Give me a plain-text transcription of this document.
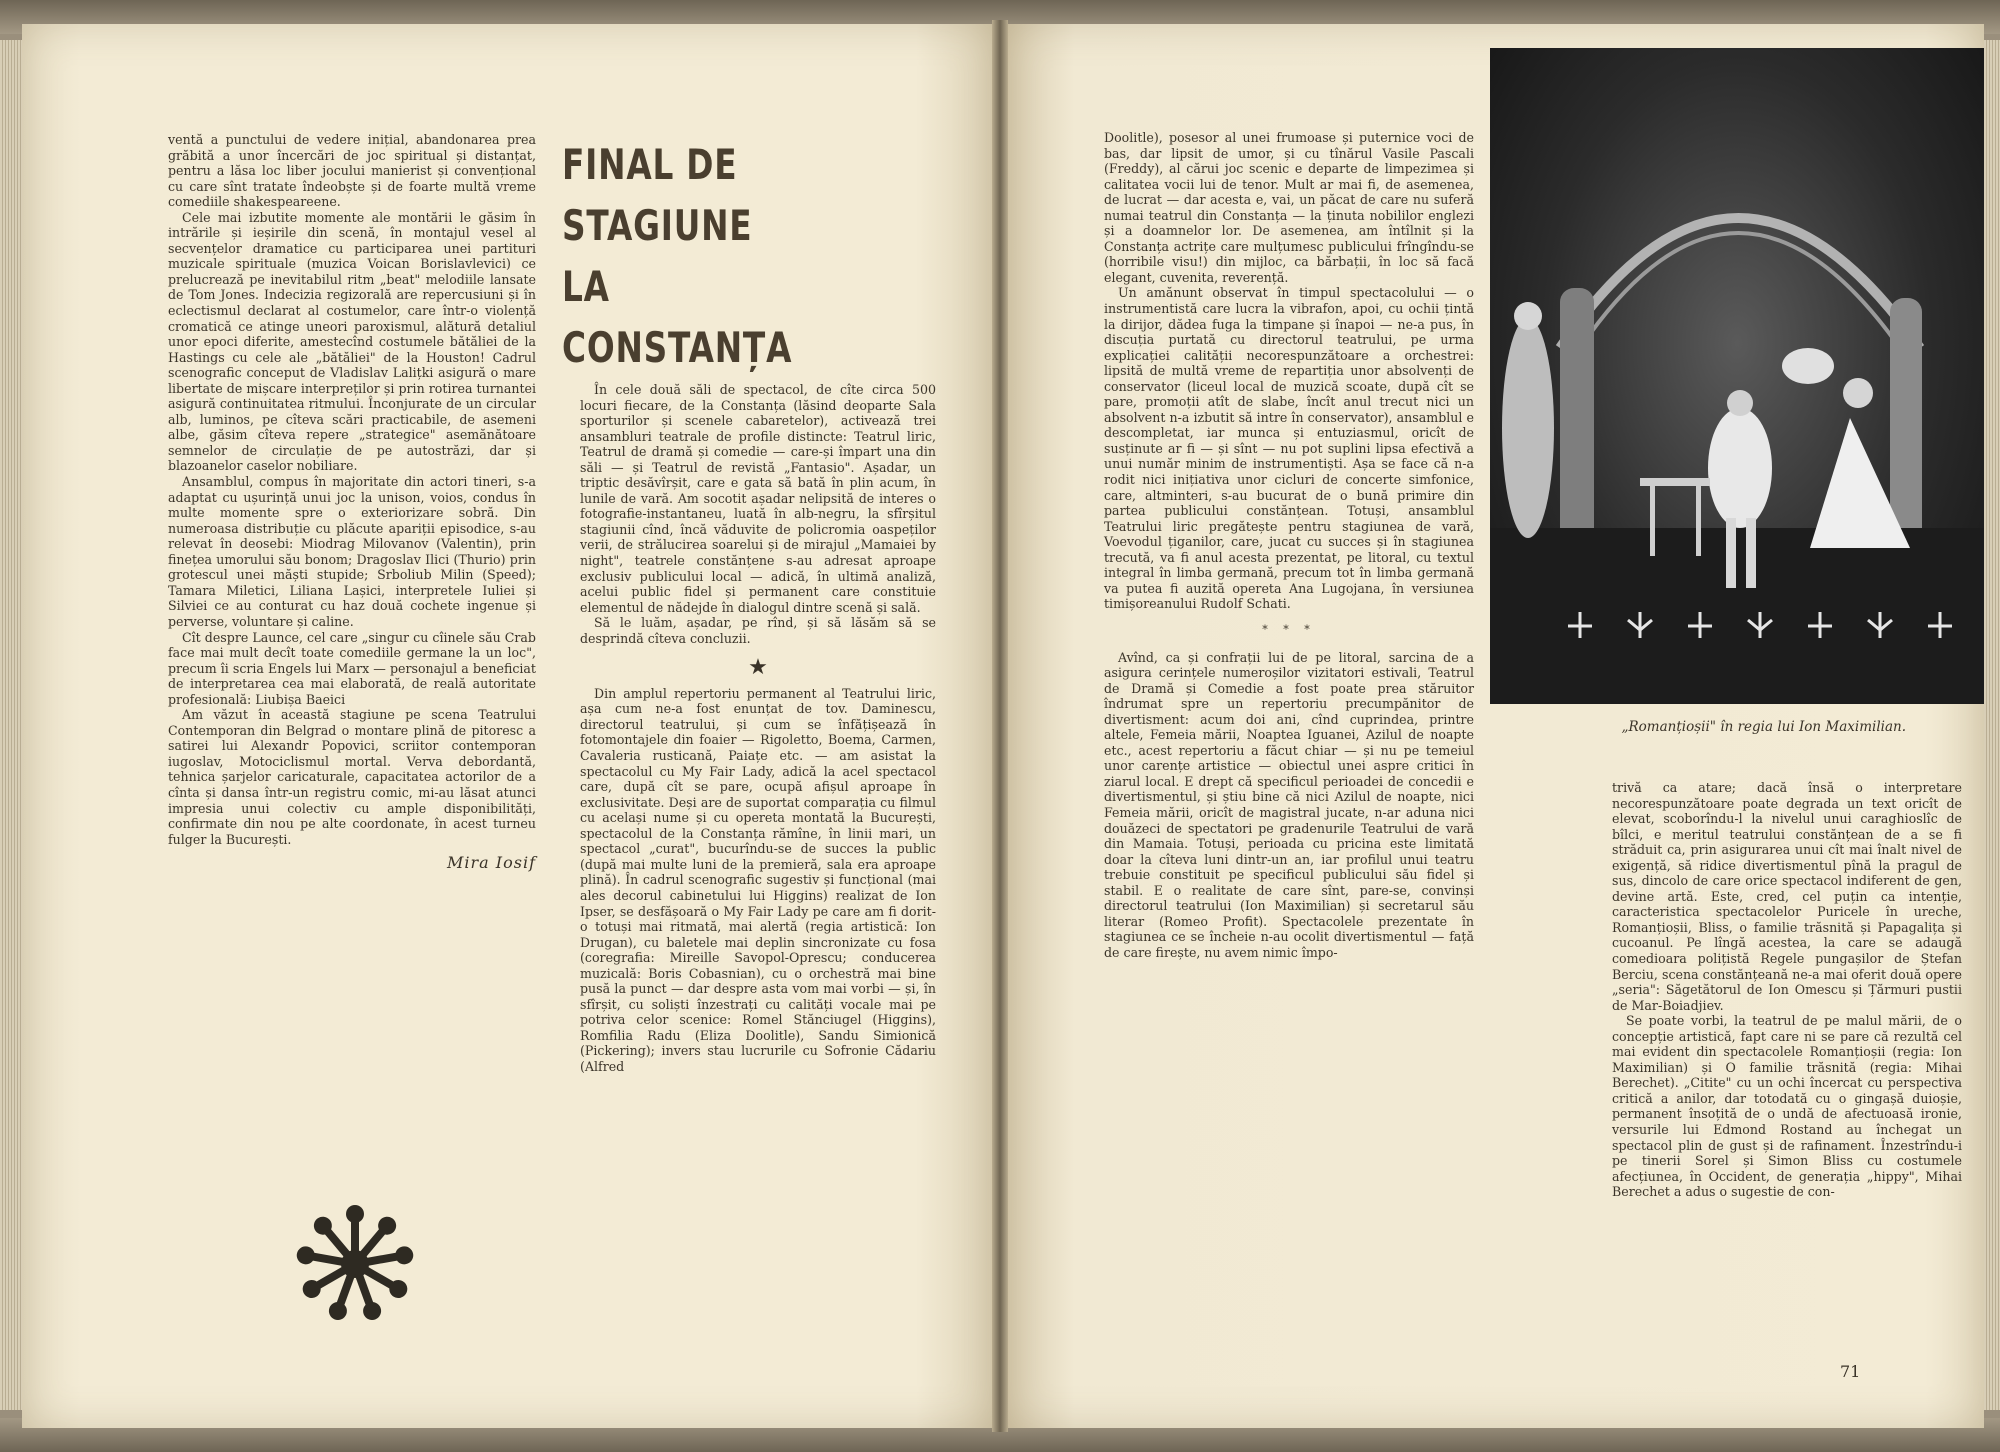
ventă a punctului de vedere inițial, abandonarea prea grăbită a unor încercări de joc spiritual și distanțat, pentru a lăsa loc liber jocului manierist și convențional cu care sînt tratate îndeobște și de foarte multă vreme comediile shakespeareene.

Cele mai izbutite momente ale montării le găsim în intrările și ieșirile din scenă, în montajul vesel al secvențelor dramatice cu participarea unei partituri muzicale spirituale (muzica Voican Borislavlevici) ce prelucrează pe inevitabilul ritm „beat" melodiile lansate de Tom Jones. Indecizia regizorală are repercusiuni și în eclectismul declarat al costumelor, care într-o violență cromatică ce atinge uneori paroxismul, alătură detaliul unor epoci diferite, amestecînd costumele bătăliei de la Hastings cu cele ale „bătăliei" de la Houston! Cadrul scenografic conceput de Vladislav Lalițki asigură o mare libertate de mișcare interpreților și prin rotirea turnantei asigură continuitatea ritmului. Înconjurate de un circular alb, luminos, pe cîteva scări practicabile, de asemeni albe, găsim cîteva repere „strategice" asemănătoare semnelor de circulație de pe autostrăzi, dar și blazoanelor caselor nobiliare.

Ansamblul, compus în majoritate din actori tineri, s-a adaptat cu ușurință unui joc la unison, voios, condus în multe momente spre o exteriorizare sobră. Din numeroasa distribuție cu plăcute apariții episodice, s-au relevat în deosebi: Miodrag Milovanov (Valentin), prin finețea umorului său bonom; Dragoslav Ilici (Thurio) prin grotescul unei măști stupide; Srboliub Milin (Speed); Tamara Miletici, Liliana Lașici, interpretele Iuliei și Silviei ce au conturat cu haz două cochete ingenue și perverse, voluntare și caline.

Cît despre Launce, cel care „singur cu cîinele său Crab face mai mult decît toate comediile germane la un loc", precum îi scria Engels lui Marx — personajul a beneficiat de interpretarea cea mai elaborată, de reală autoritate profesională: Liubișa Baeici

Am văzut în această stagiune pe scena Teatrului Contemporan din Belgrad o montare plină de pitoresc a satirei lui Alexandr Popovici, scriitor contemporan iugoslav, Motociclismul mortal. Verva debordantă, tehnica șarjelor caricaturale, capacitatea actorilor de a cînta și dansa într-un registru comic, mi-au lăsat atunci impresia unui colectiv cu ample disponibilități, confirmate din nou pe alte coordonate, în acest turneu fulger la București.

Mira Iosif
FINAL DE STAGIUNE LA CONSTANȚA

În cele două săli de spectacol, de cîte circa 500 locuri fiecare, de la Constanța (lăsind deoparte Sala sporturilor și scenele cabaretelor), activează trei ansambluri teatrale de profile distincte: Teatrul liric, Teatrul de dramă și comedie — care-și împart una din săli — și Teatrul de revistă „Fantasio". Așadar, un triptic desăvîrșit, care e gata să bată în plin acum, în lunile de vară. Am socotit așadar nelipsită de interes o fotografie-instantaneu, luată în alb-negru, la sfîrșitul stagiunii cînd, încă văduvite de policromia oaspeților verii, de strălucirea soarelui și de mirajul „Mamaiei by night", teatrele constănțene s-au adresat aproape exclusiv publicului local — adică, în ultimă analiză, acelui public fidel și permanent care constituie elementul de nădejde în dialogul dintre scenă și sală.

Să le luăm, așadar, pe rînd, și să lăsăm să se desprindă cîteva concluzii.

★

Din amplul repertoriu permanent al Teatrului liric, așa cum ne-a fost enunțat de tov. Daminescu, directorul teatrului, și cum se înfățișează în fotomontajele din foaier — Rigoletto, Boema, Carmen, Cavaleria rusticană, Paiațe etc. — am asistat la spectacolul cu My Fair Lady, adică la acel spectacol care, după cît se pare, ocupă afișul aproape în exclusivitate. Deși are de suportat comparația cu filmul cu același nume și cu opereta montată la București, spectacolul de la Constanța rămîne, în linii mari, un spectacol „curat", bucurîndu-se de succes la public (după mai multe luni de la premieră, sala era aproape plină). În cadrul scenografic sugestiv și funcțional (mai ales decorul cabinetului lui Higgins) realizat de Ion Ipser, se desfășoară o My Fair Lady pe care am fi dorit-o totuși mai ritmată, mai alertă (regia artistică: Ion Drugan), cu baletele mai deplin sincronizate cu fosa (coregrafia: Mireille Savopol-Oprescu; conducerea muzicală: Boris Cobasnian), cu o orchestră mai bine pusă la punct — dar despre asta vom mai vorbi — și, în sfîrșit, cu soliști înzestrați cu calități vocale mai pe potriva celor scenice: Romel Stănciugel (Higgins), Romfilia Radu (Eliza Doolitle), Sandu Simionică (Pickering); invers stau lucrurile cu Sofronie Cădariu (Alfred

Doolitle), posesor al unei frumoase și puternice voci de bas, dar lipsit de umor, și cu tînărul Vasile Pascali (Freddy), al cărui joc scenic e departe de limpezimea și calitatea vocii lui de tenor. Mult ar mai fi, de asemenea, de lucrat — dar acesta e, vai, un păcat de care nu suferă numai teatrul din Constanța — la ținuta nobililor englezi și a doamnelor lor. De asemenea, am întîlnit și la Constanța actrițe care mulțumesc publicului frîngîndu-se (horribile visu!) din mijloc, ca bărbații, în loc să facă elegant, cuvenita, reverență.

Un amănunt observat în timpul spectacolului — o instrumentistă care lucra la vibrafon, apoi, cu ochii țintă la dirijor, dădea fuga la timpane și înapoi — ne-a pus, în discuția purtată cu directorul teatrului, pe urma explicației calității necorespunzătoare a orchestrei: lipsită de multă vreme de repartiția unor absolvenți de conservator (liceul local de muzică scoate, după cît se pare, promoții atît de slabe, încît anul trecut nici un absolvent n-a izbutit să intre în conservator), ansamblul e descompletat, iar munca și entuziasmul, oricît de susținute ar fi — și sînt — nu pot suplini lipsa efectivă a unui număr minim de instrumentiști. Așa se face că n-a rodit nici inițiativa unor cicluri de concerte simfonice, care, altminteri, s-au bucurat de o bună primire din partea publicului constănțean. Totuși, ansamblul Teatrului liric pregătește pentru stagiunea de vară, Voevodul țiganilor, care, jucat cu succes și în stagiunea trecută, va fi anul acesta prezentat, pe litoral, cu textul integral în limba germană, precum tot în limba germană va putea fi auzită opereta Ana Lugojana, în versiunea timișoreanului Rudolf Schati.

* * *

Avînd, ca și confrații lui de pe litoral, sarcina de a asigura cerințele numeroșilor vizitatori estivali, Teatrul de Dramă și Comedie a fost poate prea stăruitor îndrumat spre un repertoriu precumpănitor de divertisment: acum doi ani, cînd cuprindea, printre altele, Femeia mării, Noaptea Iguanei, Azilul de noapte etc., acest repertoriu a făcut chiar — și nu pe temeiul unor carențe artistice — obiectul unei aspre critici în ziarul local. E drept că specificul perioadei de concedii e divertismentul, și știu bine că nici Azilul de noapte, nici Femeia mării, oricît de magistral jucate, n-ar aduna nici douăzeci de spectatori pe gradenurile Teatrului de vară din Mamaia. Totuși, perioada cu pricina este limitată doar la cîteva luni dintr-un an, iar profilul unui teatru trebuie constituit pe specificul publicului său fidel și stabil. E o realitate de care sînt, pare-se, convinși directorul teatrului (Ion Maximilian) și secretarul său literar (Romeo Profit). Spectacolele prezentate în stagiunea ce se încheie n-au ocolit divertismentul — față de care firește, nu avem nimic împo-

„Romanțioșii" în regia lui Ion Maximilian.

trivă ca atare; dacă însă o interpretare necorespunzătoare poate degrada un text oricît de elevat, scoborîndu-l la nivelul unui caraghioslîc de bîlci, e meritul teatrului constănțean de a se fi străduit ca, prin asigurarea unui cît mai înalt nivel de exigență, să ridice divertismentul pînă la pragul de sus, dincolo de care orice spectacol indiferent de gen, devine artă. Este, cred, cel puțin ca intenție, caracteristica spectacolelor Puricele în ureche, Romanțioșii, Bliss, o familie trăsnită și Papagalița și cucoanul. Pe lîngă acestea, la care se adaugă comedioara polițistă Regele pungașilor de Ștefan Berciu, scena constănțeană ne-a mai oferit două opere „seria": Săgetătorul de Ion Omescu și Țărmuri pustii de Mar-Boiadjiev.

Se poate vorbi, la teatrul de pe malul mării, de o concepție artistică, fapt care ni se pare că rezultă cel mai evident din spectacolele Romanțioșii (regia: Ion Maximilian) și O familie trăsnită (regia: Mihai Berechet). „Citite" cu un ochi încercat cu perspectiva critică a anilor, dar totodată cu o gingașă duioșie, permanent însoțită de o undă de afectuoasă ironie, versurile lui Edmond Rostand au închegat un spectacol plin de gust și de rafinament. Înzestrîndu-i pe tinerii Sorel și Simon Bliss cu costumele afecțiunea, în Occident, de generația „hippy", Mihai Berechet a adus o sugestie de con-

71
